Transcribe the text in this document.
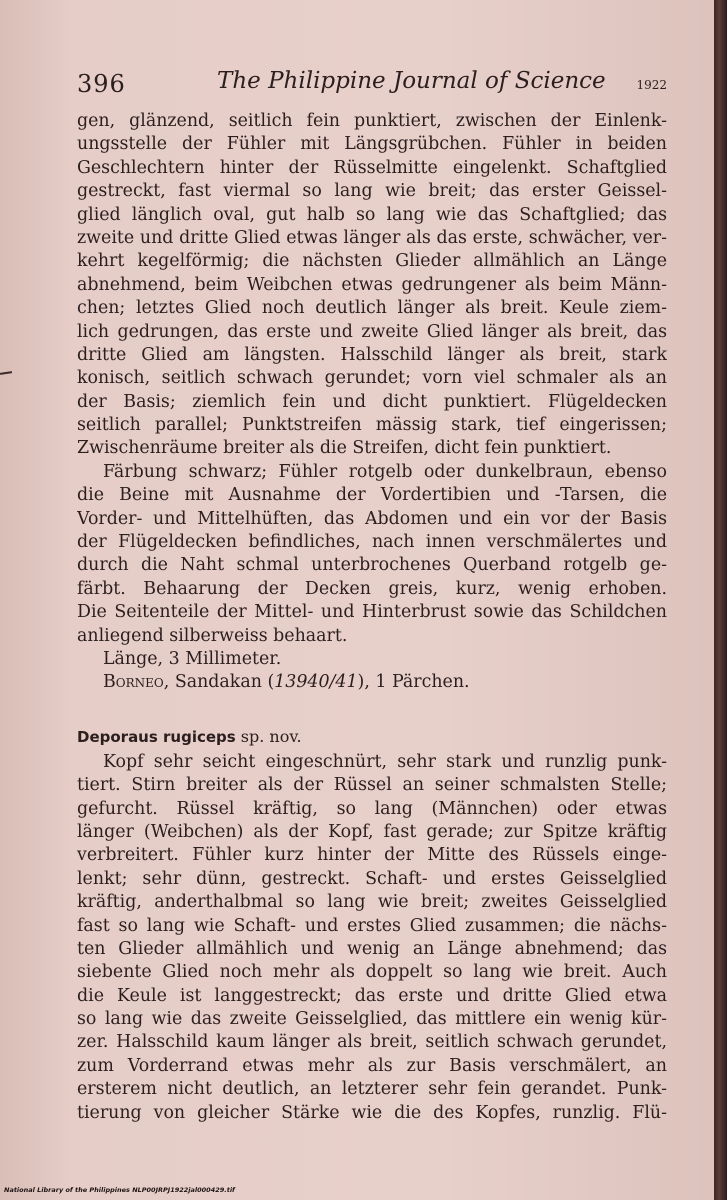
396	The Philippine Journal of Science	1922
gen, glänzend, seitlich fein punktiert, zwischen der Einlenk-
ungsstelle der Fühler mit Längsgrübchen. Fühler in beiden
Geschlechtern hinter der Rüsselmitte eingelenkt. Schaftglied
gestreckt, fast viermal so lang wie breit; das erster Geissel-
glied länglich oval, gut halb so lang wie das Schaftglied; das
zweite und dritte Glied etwas länger als das erste, schwächer, ver-
kehrt kegelförmig; die nächsten Glieder allmählich an Länge
abnehmend, beim Weibchen etwas gedrungener als beim Männ-
chen; letztes Glied noch deutlich länger als breit. Keule ziem-
lich gedrungen, das erste und zweite Glied länger als breit, das
dritte Glied am längsten. Halsschild länger als breit, stark
konisch, seitlich schwach gerundet; vorn viel schmaler als an
der Basis; ziemlich fein und dicht punktiert. Flügeldecken
seitlich parallel; Punktstreifen mässig stark, tief eingerissen;
Zwischenräume breiter als die Streifen, dicht fein punktiert.
Färbung schwarz; Fühler rotgelb oder dunkelbraun, ebenso
die Beine mit Ausnahme der Vordertibien und -Tarsen, die
Vorder- und Mittelhüften, das Abdomen und ein vor der Basis
der Flügeldecken befindliches, nach innen verschmälertes und
durch die Naht schmal unterbrochenes Querband rotgelb ge-
färbt. Behaarung der Decken greis, kurz, wenig erhoben.
Die Seitenteile der Mittel- und Hinterbrust sowie das Schildchen
anliegend silberweiss behaart.
Länge, 3 Millimeter.
Borneo, Sandakan (13940/41), 1 Pärchen.
Deporaus rugiceps sp. nov.
Kopf sehr seicht eingeschnürt, sehr stark und runzlig punk-
tiert. Stirn breiter als der Rüssel an seiner schmalsten Stelle;
gefurcht. Rüssel kräftig, so lang (Männchen) oder etwas
länger (Weibchen) als der Kopf, fast gerade; zur Spitze kräftig
verbreitert. Fühler kurz hinter der Mitte des Rüssels einge-
lenkt; sehr dünn, gestreckt. Schaft- und erstes Geisselglied
kräftig, anderthalbmal so lang wie breit; zweites Geisselglied
fast so lang wie Schaft- und erstes Glied zusammen; die nächs-
ten Glieder allmählich und wenig an Länge abnehmend; das
siebente Glied noch mehr als doppelt so lang wie breit. Auch
die Keule ist langgestreckt; das erste und dritte Glied etwa
so lang wie das zweite Geisselglied, das mittlere ein wenig kür-
zer. Halsschild kaum länger als breit, seitlich schwach gerundet,
zum Vorderrand etwas mehr als zur Basis verschmälert, an
ersterem nicht deutlich, an letzterer sehr fein gerandet. Punk-
tierung von gleicher Stärke wie die des Kopfes, runzlig. Flü-
National Library of the Philippines NLP00JRPJ1922jal000429.tif
